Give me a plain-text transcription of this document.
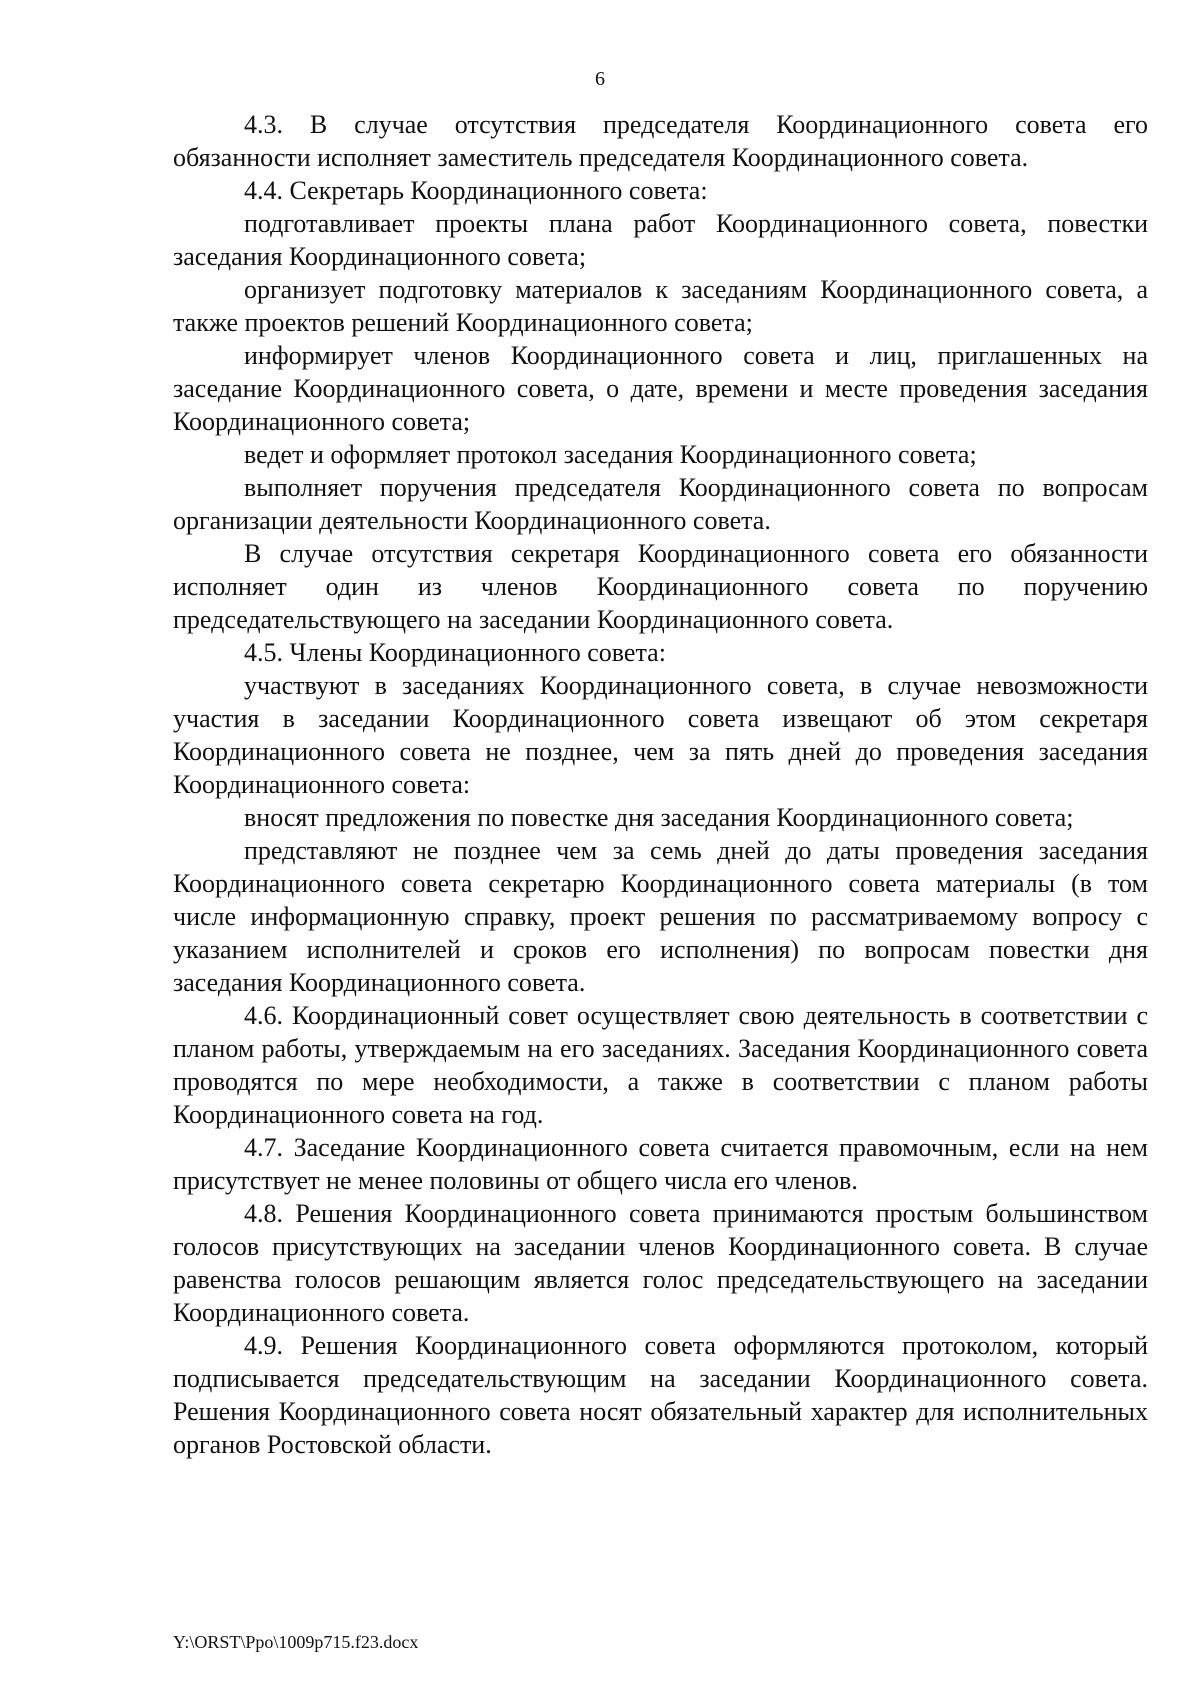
6

4.3. В случае отсутствия председателя Координационного совета его обязанности исполняет заместитель председателя Координационного совета.

4.4. Секретарь Координационного совета:

подготавливает проекты плана работ Координационного совета, повестки заседания Координационного совета;

организует подготовку материалов к заседаниям Координационного совета, а также проектов решений Координационного совета;

информирует членов Координационного совета и лиц, приглашенных на заседание Координационного совета, о дате, времени и месте проведения заседания Координационного совета;

ведет и оформляет протокол заседания Координационного совета;

выполняет поручения председателя Координационного совета по вопросам организации деятельности Координационного совета.

В случае отсутствия секретаря Координационного совета его обязанности исполняет один из членов Координационного совета по поручению председательствующего на заседании Координационного совета.

4.5. Члены Координационного совета:

участвуют в заседаниях Координационного совета, в случае невозможности участия в заседании Координационного совета извещают об этом секретаря Координационного совета не позднее, чем за пять дней до проведения заседания Координационного совета:

вносят предложения по повестке дня заседания Координационного совета;

представляют не позднее чем за семь дней до даты проведения заседания Координационного совета секретарю Координационного совета материалы (в том числе информационную справку, проект решения по рассматриваемому вопросу с указанием исполнителей и сроков его исполнения) по вопросам повестки дня заседания Координационного совета.

4.6. Координационный совет осуществляет свою деятельность в соответствии с планом работы, утверждаемым на его заседаниях. Заседания Координационного совета проводятся по мере необходимости, а также в соответствии с планом работы Координационного совета на год.

4.7. Заседание Координационного совета считается правомочным, если на нем присутствует не менее половины от общего числа его членов.

4.8. Решения Координационного совета принимаются простым большинством голосов присутствующих на заседании членов Координационного совета. В случае равенства голосов решающим является голос председательствующего на заседании Координационного совета.

4.9. Решения Координационного совета оформляются протоколом, который подписывается председательствующим на заседании Координационного совета. Решения Координационного совета носят обязательный характер для исполнительных органов Ростовской области.

Y:\ORST\Ppo\1009p715.f23.docx
